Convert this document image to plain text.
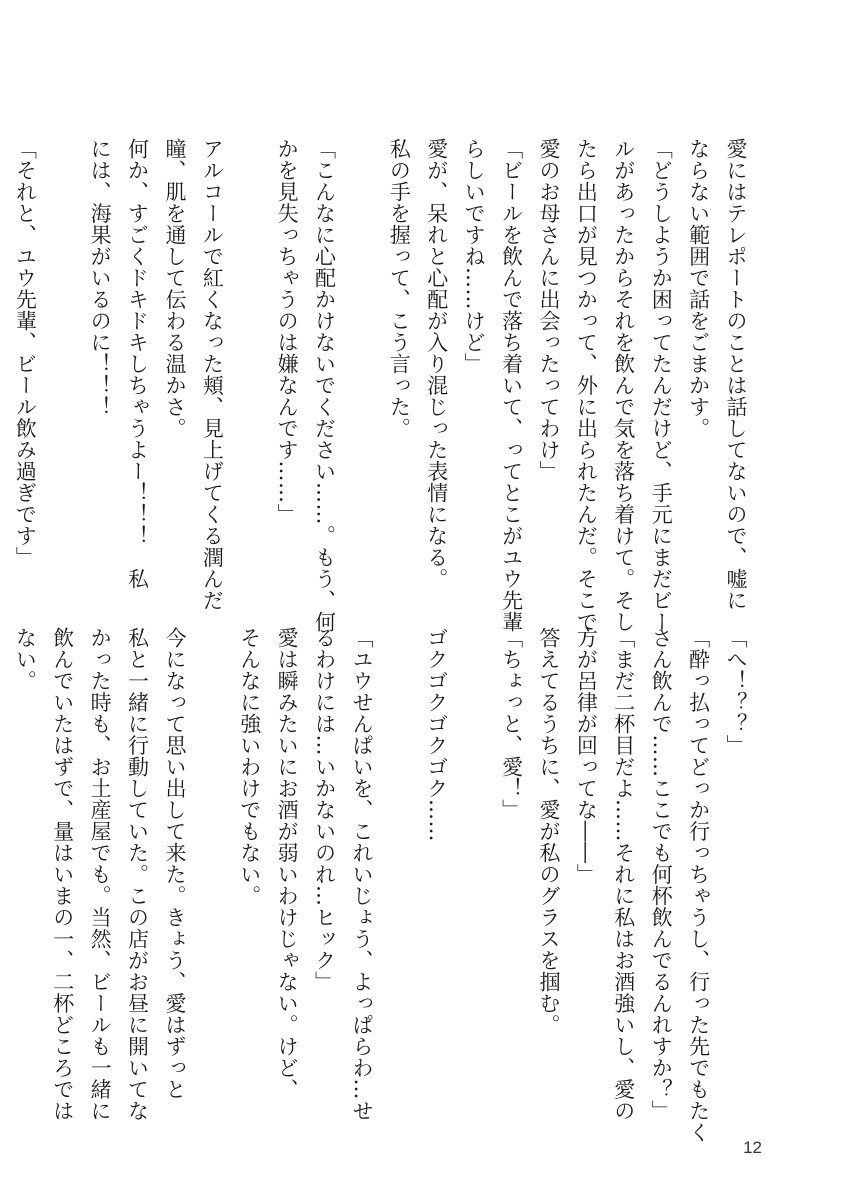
愛にはテレポートのことは話してないので、嘘に
ならない範囲で話をごまかす。
「どうしようか困ってたんだけど、手元にまだビー
ルがあったからそれを飲んで気を落ち着けて。そし
たら出口が見つかって、外に出られたんだ。そこで
愛のお母さんに出会ったってわけ」
「ビールを飲んで落ち着いて、ってとこがユウ先輩
らしいですね……けど」
愛が、呆れと心配が入り混じった表情になる。
私の手を握って、こう言った。
「こんなに心配かけないでください……。もう、何
かを見失っちゃうのは嫌なんです……」
アルコールで紅くなった頬、見上げてくる潤んだ
瞳、肌を通して伝わる温かさ。
何か、すごくドキドキしちゃうよー！！！　私
には、海果がいるのに！！！
「それと、ユウ先輩、ビール飲み過ぎです」
「へ！？？」
「酔っ払ってどっか行っちゃうし、行った先でもたく
さん飲んで……ここでも何杯飲んでるんれすか？」
「まだ二杯目だよ……それに私はお酒強いし、愛の
方が呂律が回ってな――」
答えてるうちに、愛が私のグラスを掴む。
「ちょっと、愛！」
ゴクゴクゴクゴク……
「ユウせんぱいを、これいじょう、よっぱらわ…せ
るわけには…いかないのれ…ヒック」
愛は瞬みたいにお酒が弱いわけじゃない。けど、
そんなに強いわけでもない。
今になって思い出して来た。きょう、愛はずっと
私と一緒に行動していた。この店がお昼に開いてな
かった時も、お土産屋でも。当然、ビールも一緒に
飲んでいたはずで、量はいまの一、二杯どころでは
ない。
12
